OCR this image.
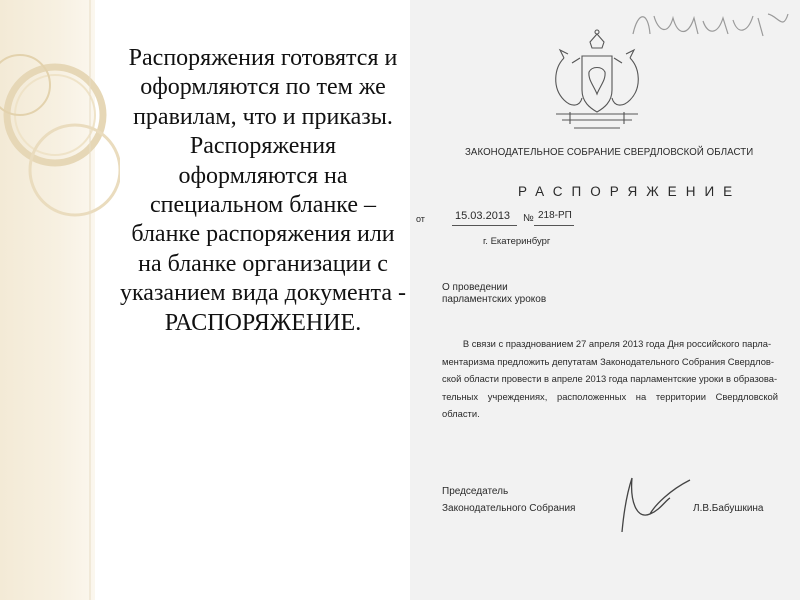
Распоряжения готовятся и оформляются по тем же правилам, что и приказы.

Распоряжения оформляются на специальном бланке – бланке распоряжения или на бланке организации с указанием вида документа - РАСПОРЯЖЕНИЕ.

ЗАКОНОДАТЕЛЬНОЕ СОБРАНИЕ СВЕРДЛОВСКОЙ ОБЛАСТИ
РАСПОРЯЖЕНИЕ
от	15.03.2013 № 218-РП
г. Екатеринбург
О проведении
парламентских уроков
В связи с празднованием 27 апреля 2013 года Дня российского парла-
ментаризма предложить депутатам Законодательного Собрания Свердлов-
ской области провести в апреле 2013 года парламентские уроки в образова-
тельных учреждениях, расположенных на территории Свердловской области.
Председатель
Законодательного Собрания	Л.В.Бабушкина
